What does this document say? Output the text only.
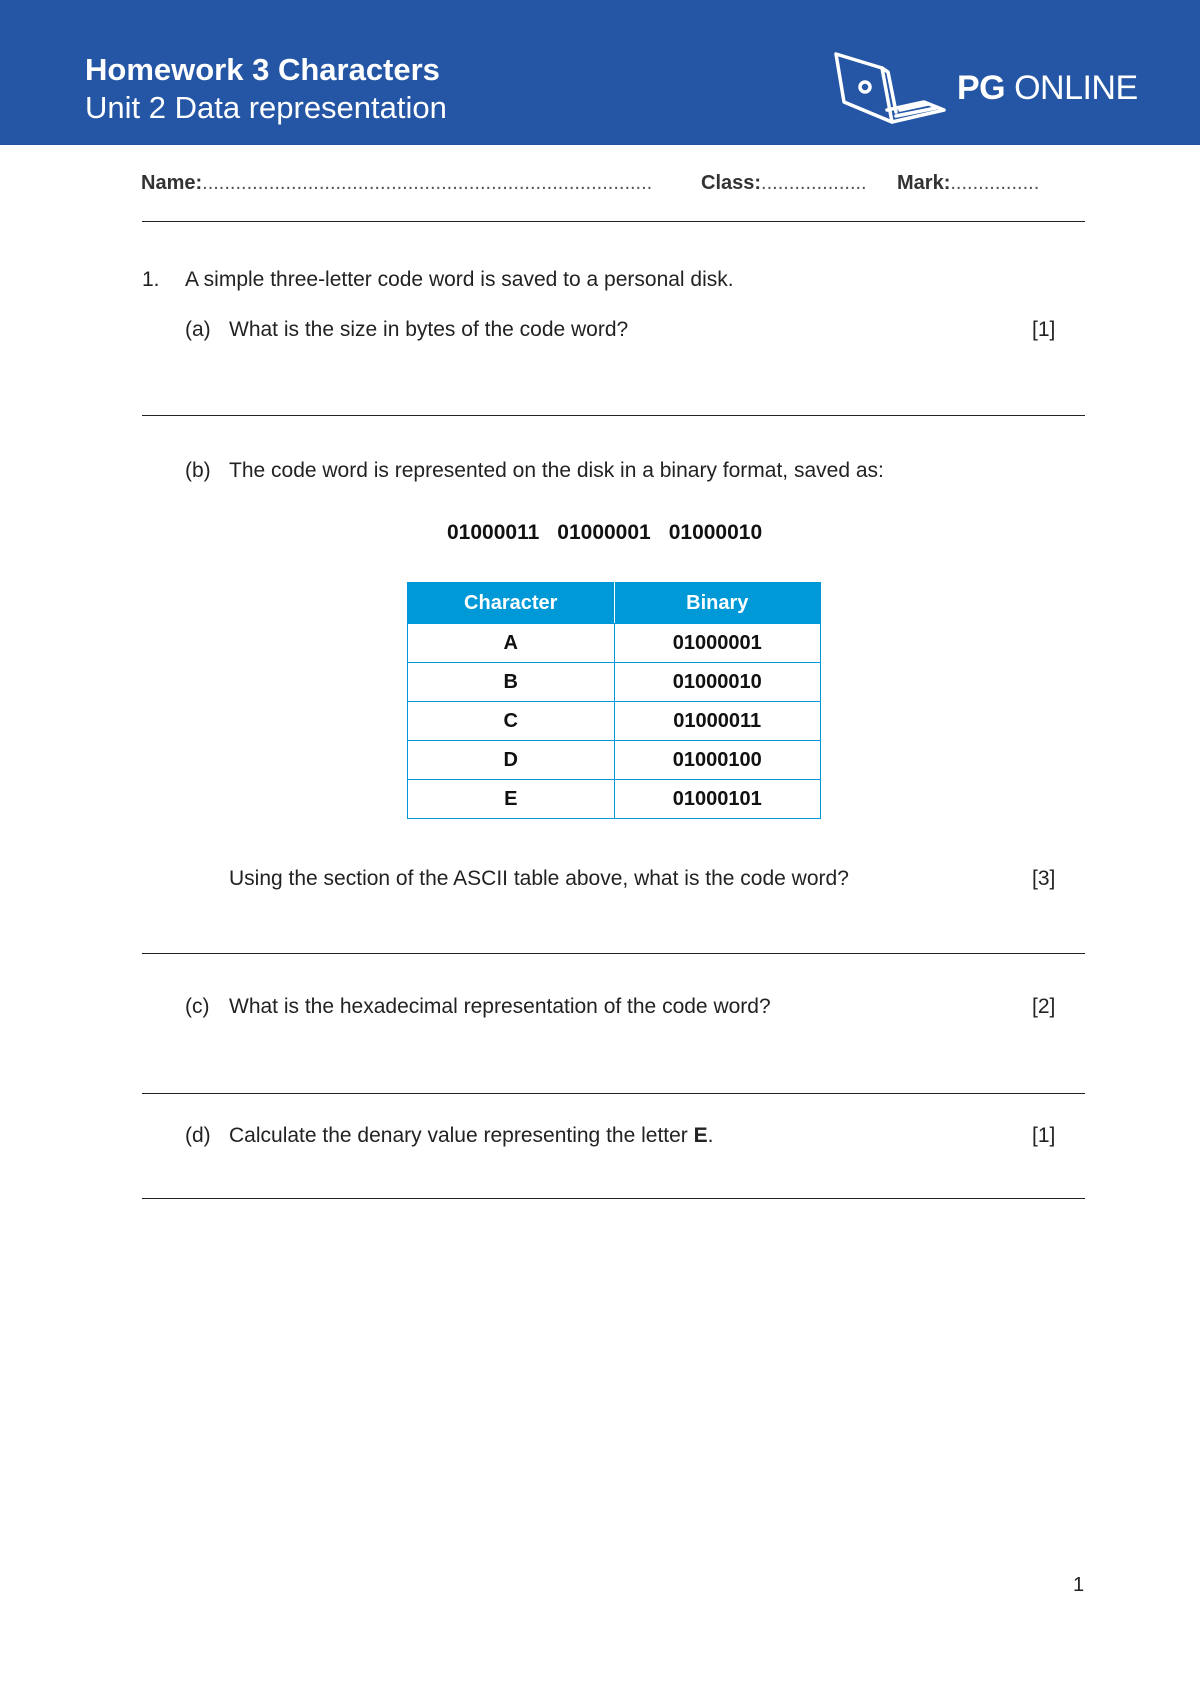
Homework 3 Characters
Unit 2 Data representation
PG ONLINE
Name:................................................................................. Class:................... Mark:................
1. A simple three-letter code word is saved to a personal disk.
(a) What is the size in bytes of the code word?	[1]
(b) The code word is represented on the disk in a binary format, saved as:
01000011 01000001 01000010
Character	Binary
A	01000001
B	01000010
C	01000011
D	01000100
E	01000101
Using the section of the ASCII table above, what is the code word?	[3]
(c) What is the hexadecimal representation of the code word?	[2]
(d) Calculate the denary value representing the letter E.	[1]
1
